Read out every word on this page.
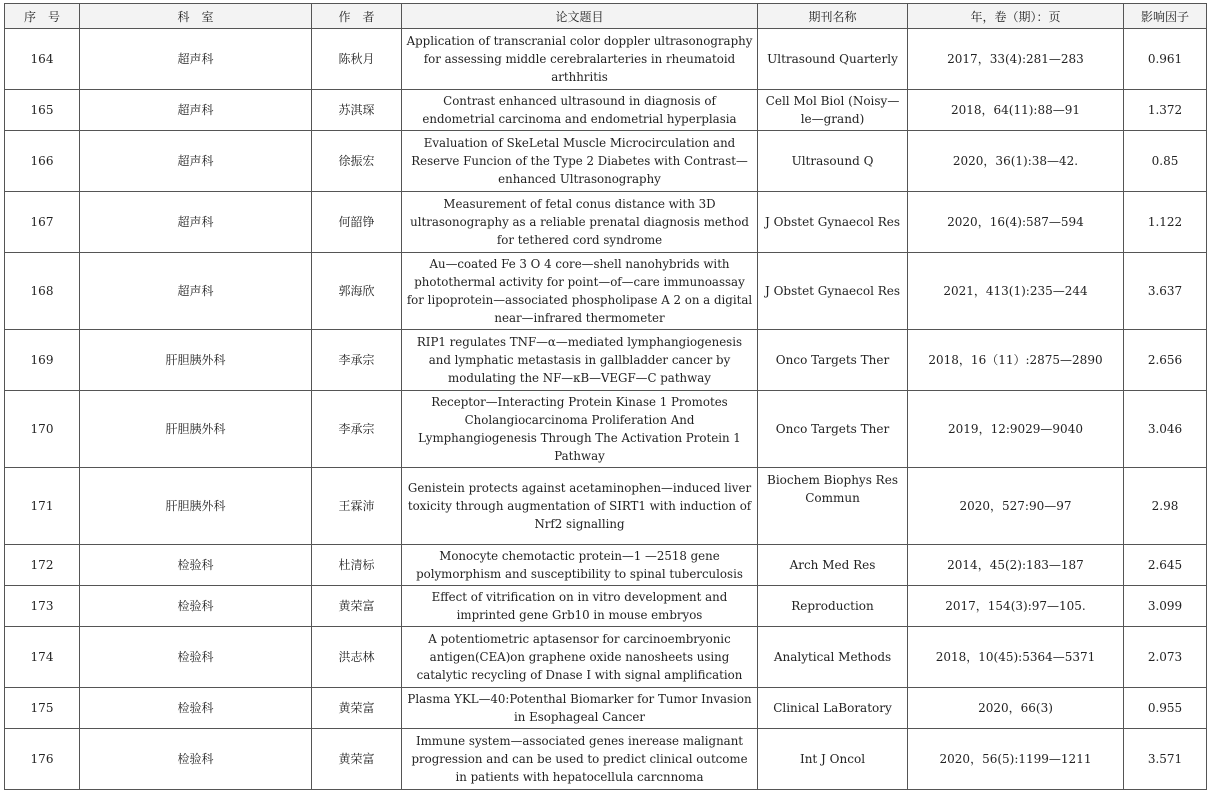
序　号	科　室	作　者	论文题目	期刊名称	年，卷（期）：页	影响因子
164	超声科	陈秋月	Application of transcranial color doppler ultrasonography for assessing middle cerebralarteries in rheumatoid arthhritis	Ultrasound Quarterly	2017，33(4):281—283	0.961
165	超声科	苏淇琛	Contrast enhanced ultrasound in diagnosis of endometrial carcinoma and endometrial hyperplasia	Cell Mol Biol (Noisy—le—grand)	2018，64(11):88—91	1.372
166	超声科	徐振宏	Evaluation of SkeLetal Muscle Microcirculation and Reserve Funcion of the Type 2 Diabetes with Contrast—enhanced Ultrasonography	Ultrasound Q	2020，36(1):38—42.	0.85
167	超声科	何韶铮	Measurement of fetal conus distance with 3D ultrasonography as a reliable prenatal diagnosis method for tethered cord syndrome	J Obstet Gynaecol Res	2020，16(4):587—594	1.122
168	超声科	郭海欣	Au—coated Fe 3 O 4 core—shell nanohybrids with photothermal activity for point—of—care immunoassay for lipoprotein—associated phospholipase A 2 on a digital near—infrared thermometer	J Obstet Gynaecol Res	2021，413(1):235—244	3.637
169	肝胆胰外科	李承宗	RIP1 regulates TNF—α—mediated lymphangiogenesis and lymphatic metastasis in gallbladder cancer by modulating the NF—κB—VEGF—C pathway	Onco Targets Ther	2018，16（11）:2875—2890	2.656
170	肝胆胰外科	李承宗	Receptor—Interacting Protein Kinase 1 Promotes Cholangiocarcinoma Proliferation And Lymphangiogenesis Through The Activation Protein 1 Pathway	Onco Targets Ther	2019，12:9029—9040	3.046
171	肝胆胰外科	王霖沛	Genistein protects against acetaminophen—induced liver toxicity through augmentation of SIRT1 with induction of Nrf2 signalling	Biochem Biophys Res Commun	2020，527:90—97	2.98
172	检验科	杜清标	Monocyte chemotactic protein—1 —2518 gene polymorphism and susceptibility to spinal tuberculosis	Arch Med Res	2014，45(2):183—187	2.645
173	检验科	黄荣富	Effect of vitrification on in vitro development and imprinted gene Grb10 in mouse embryos	Reproduction	2017，154(3):97—105.	3.099
174	检验科	洪志林	A potentiometric aptasensor for carcinoembryonic antigen(CEA)on graphene oxide nanosheets using catalytic recycling of Dnase I with signal amplification	Analytical Methods	2018，10(45):5364—5371	2.073
175	检验科	黄荣富	Plasma YKL—40:Potenthal Biomarker for Tumor Invasion in Esophageal Cancer	Clinical LaBoratory	2020，66(3)	0.955
176	检验科	黄荣富	Immune system—associated genes inerease malignant progression and can be used to predict clinical outcome in patients with hepatocellula carcnnoma	Int J Oncol	2020，56(5):1199—1211	3.571
